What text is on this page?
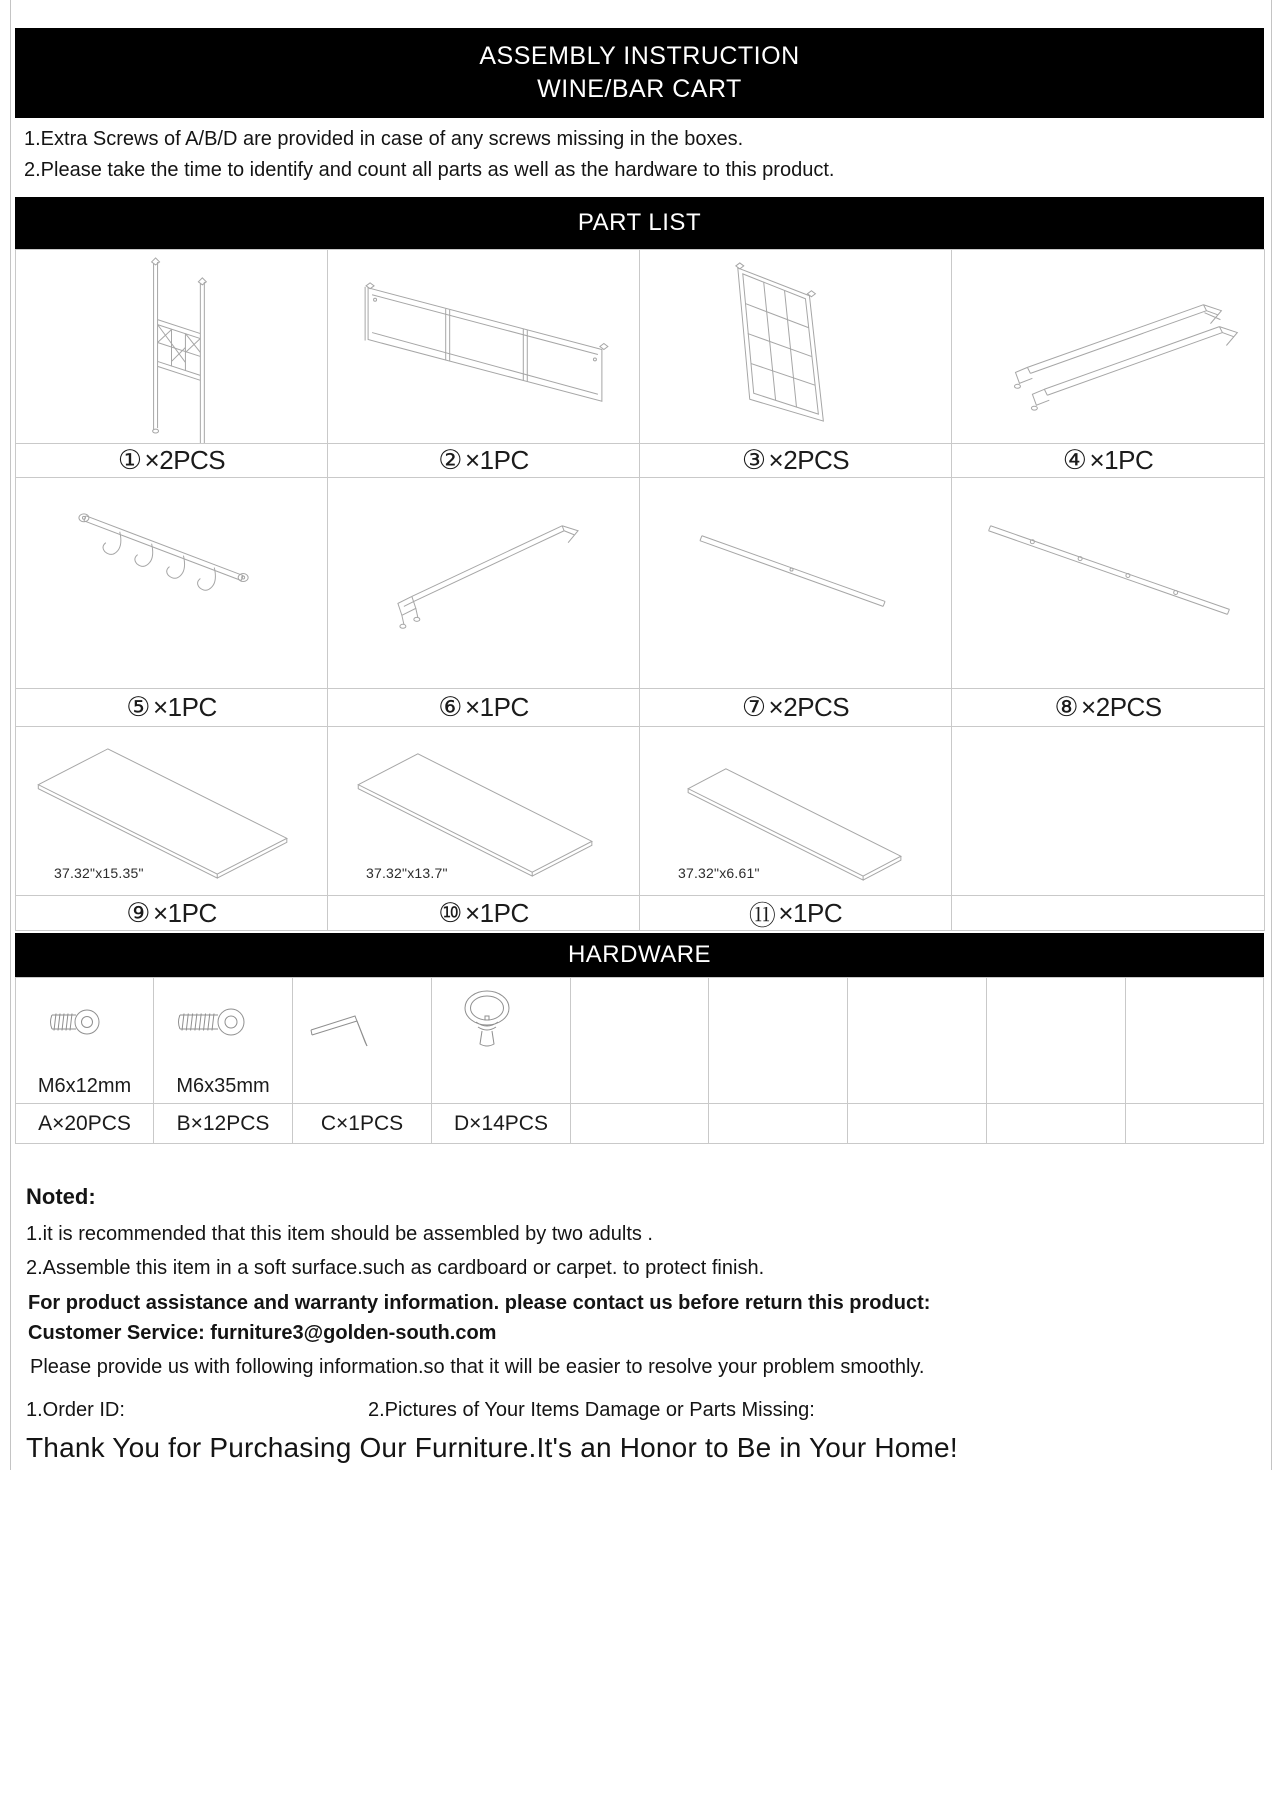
ASSEMBLY INSTRUCTION
WINE/BAR CART
1.Extra Screws of A/B/D are provided in case of any screws missing in the boxes.
2.Please take the time to identify and count all parts as well as the hardware to this product.
PART LIST
① ×2PCS	② ×1PC	③ ×2PCS	④ ×1PC
⑤ ×1PC	⑥ ×1PC	⑦ ×2PCS	⑧ ×2PCS
37.32"x15.35"	37.32"x13.7"	37.32"x6.61"
⑨ ×1PC	⑩ ×1PC	⑪ ×1PC
HARDWARE
M6x12mm M6x35mm
A×20PCS	B×12PCS	C×1PCS	D×14PCS
Noted:
1.it is recommended that this item should be assembled by two adults .
2.Assemble this item in a soft surface.such as cardboard or carpet. to protect finish.
For product assistance and warranty information. please contact us before return this product:
Customer Service: furniture3@golden-south.com
Please provide us with following information.so that it will be easier to resolve your problem smoothly.
1.Order ID:	2.Pictures of Your Items Damage or Parts Missing:
Thank You for Purchasing Our Furniture.It's an Honor to Be in Your Home!
